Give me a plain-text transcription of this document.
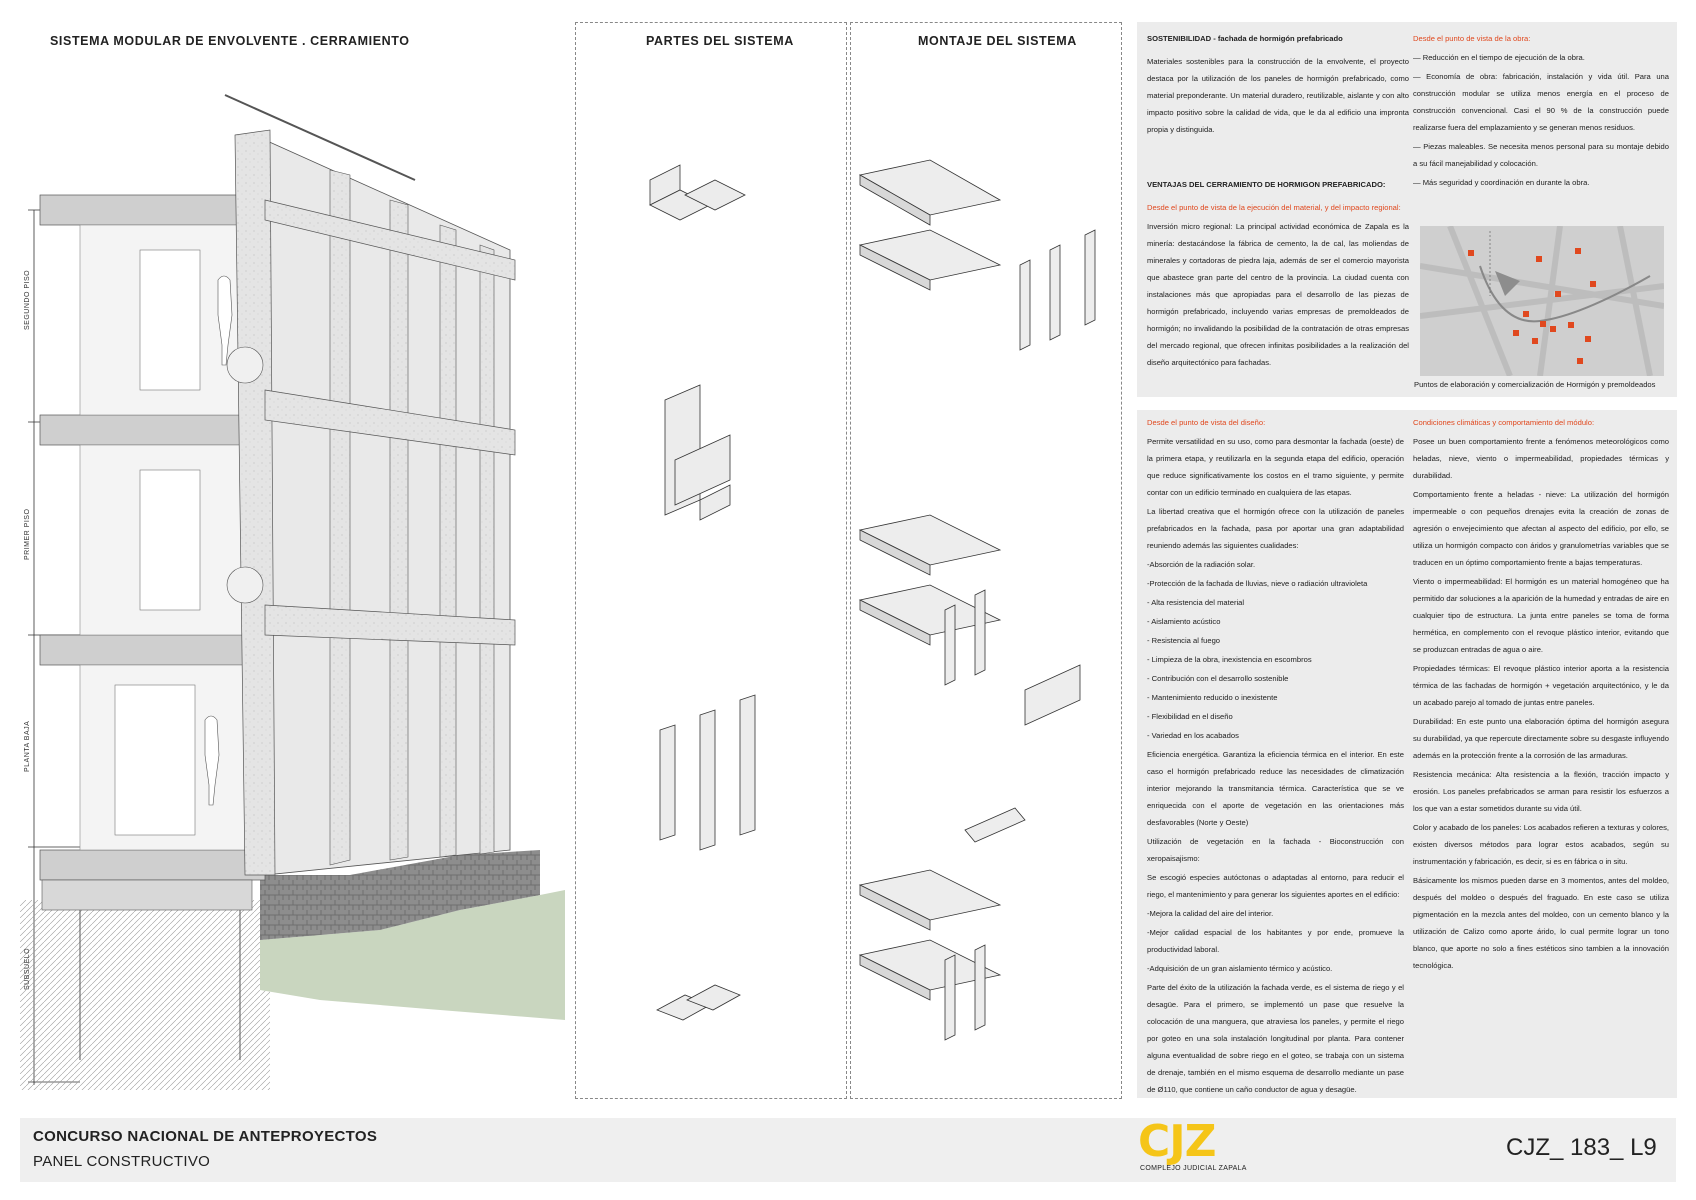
SISTEMA MODULAR DE ENVOLVENTE . CERRAMIENTO
SEGUNDO PISO
PRIMER PISO
PLANTA BAJA
SUBSUELO
PARTES DEL SISTEMA	MONTAJE DEL SISTEMA	SOSTENIBILIDAD - fachada de hormigón prefabricado

Materiales sostenibles para la construcción de la envolvente, el proyecto destaca por la utilización de los paneles de hormigón prefabricado, como material preponderante. Un material duradero, reutilizable, aislante y con alto impacto positivo sobre la calidad de vida, que le da al edificio una impronta propia y distinguida.

VENTAJAS DEL CERRAMIENTO DE HORMIGON PREFABRICADO:

Desde el punto de vista de la ejecución del material, y del impacto regional:

Inversión micro regional: La principal actividad económica de Zapala es la minería: destacándose la fábrica de cemento, la de cal, las moliendas de minerales y cortadoras de piedra laja, además de ser el comercio mayorista que abastece gran parte del centro de la provincia. La ciudad cuenta con instalaciones más que apropiadas para el desarrollo de las piezas de hormigón prefabricado, incluyendo varias empresas de premoldeados de hormigón; no invalidando la posibilidad de la contratación de otras empresas del mercado regional, que ofrecen infinitas posibilidades a la realización del diseño arquitectónico para fachadas.

Desde el punto de vista de la obra:

— Reducción en el tiempo de ejecución de la obra.

— Economía de obra: fabricación, instalación y vida útil. Para una construcción modular se utiliza menos energía en el proceso de construcción convencional. Casi el 90 % de la construcción puede realizarse fuera del emplazamiento y se generan menos residuos.

— Piezas maleables. Se necesita menos personal para su montaje debido a su fácil manejabilidad y colocación.

— Más seguridad y coordinación en durante la obra.

Puntos de elaboración y comercialización de Hormigón y premoldeados

Desde el punto de vista del diseño:

Permite versatilidad en su uso, como para desmontar la fachada (oeste) de la primera etapa, y reutilizarla en la segunda etapa del edificio, operación que reduce significativamente los costos en el tramo siguiente, y permite contar con un edificio terminado en cualquiera de las etapas.

La libertad creativa que el hormigón ofrece con la utilización de paneles prefabricados en la fachada, pasa por aportar una gran adaptabilidad reuniendo además las siguientes cualidades:

-Absorción de la radiación solar.

-Protección de la fachada de lluvias, nieve o radiación ultravioleta

- Alta resistencia del material

- Aislamiento acústico

- Resistencia al fuego

- Limpieza de la obra, inexistencia en escombros

- Contribución con el desarrollo sostenible

- Mantenimiento reducido o inexistente

- Flexibilidad en el diseño

- Variedad en los acabados

Eficiencia energética. Garantiza la eficiencia térmica en el interior. En este caso el hormigón prefabricado reduce las necesidades de climatización interior mejorando la transmitancia térmica. Característica que se ve enriquecida con el aporte de vegetación en las orientaciones más desfavorables (Norte y Oeste)

Utilización de vegetación en la fachada - Bioconstrucción con xeropaisajismo:

Se escogió especies autóctonas o adaptadas al entorno, para reducir el riego, el mantenimiento y para generar los siguientes aportes en el edificio:

-Mejora la calidad del aire del interior.

-Mejor calidad espacial de los habitantes y por ende, promueve la productividad laboral.

-Adquisición de un gran aislamiento térmico y acústico.

Parte del éxito de la utilización la fachada verde, es el sistema de riego y el desagüe. Para el primero, se implementó un pase que resuelve la colocación de una manguera, que atraviesa los paneles, y permite el riego por goteo en una sola instalación longitudinal por planta. Para contener alguna eventualidad de sobre riego en el goteo, se trabaja con un sistema de drenaje, también en el mismo esquema de desarrollo mediante un pase de Ø110, que contiene un caño conductor de agua y desagüe.

Condiciones climáticas y comportamiento del módulo:

Posee un buen comportamiento frente a fenómenos meteorológicos como heladas, nieve, viento o impermeabilidad, propiedades térmicas y durabilidad.

Comportamiento frente a heladas - nieve: La utilización del hormigón impermeable o con pequeños drenajes evita la creación de zonas de agresión o envejecimiento que afectan al aspecto del edificio, por ello, se utiliza un hormigón compacto con áridos y granulometrías variables que se traducen en un óptimo comportamiento frente a bajas temperaturas.

Viento o impermeabilidad: El hormigón es un material homogéneo que ha permitido dar soluciones a la aparición de la humedad y entradas de aire en cualquier tipo de estructura. La junta entre paneles se toma de forma hermética, en complemento con el revoque plástico interior, evitando que se produzcan entradas de agua o aire.

Propiedades térmicas: El revoque plástico interior aporta a la resistencia térmica de las fachadas de hormigón + vegetación arquitectónico, y le da un acabado parejo al tomado de juntas entre paneles.

Durabilidad: En este punto una elaboración óptima del hormigón asegura su durabilidad, ya que repercute directamente sobre su desgaste influyendo además en la protección frente a la corrosión de las armaduras.

Resistencia mecánica: Alta resistencia a la flexión, tracción impacto y erosión. Los paneles prefabricados se arman para resistir los esfuerzos a los que van a estar sometidos durante su vida útil.

Color y acabado de los paneles: Los acabados refieren a texturas y colores, existen diversos métodos para lograr estos acabados, según su instrumentación y fabricación, es decir, si es en fábrica o in situ.

Básicamente los mismos pueden darse en 3 momentos, antes del moldeo, después del moldeo o después del fraguado. En este caso se utiliza pigmentación en la mezcla antes del moldeo, con un cemento blanco y la utilización de Calizo como aporte árido, lo cual permite lograr un tono blanco, que aporte no solo a fines estéticos sino tambien a la innovación tecnológica.

CONCURSO NACIONAL DE ANTEPROYECTOS
PANEL CONSTRUCTIVO	CJZ
COMPLEJO JUDICIAL ZAPALA
CJZ_ 183_ L9
